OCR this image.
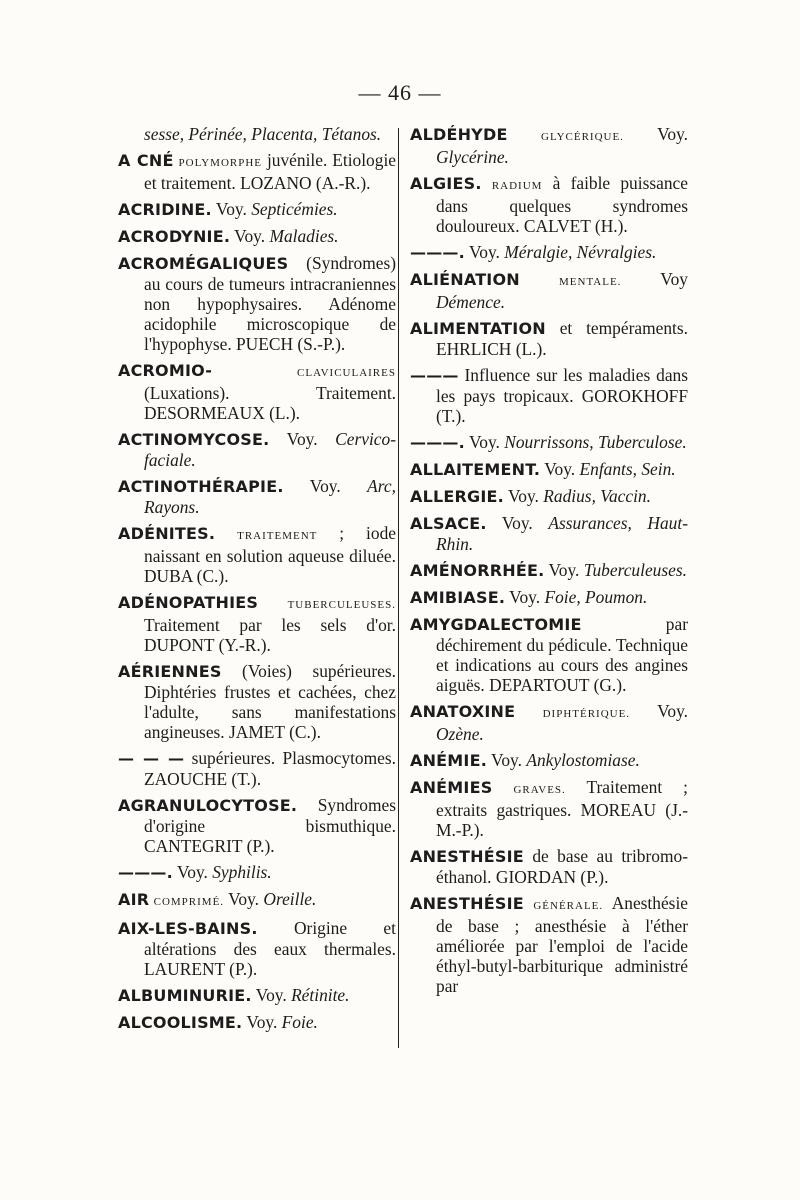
— 46 —

sesse, Périnée, Placenta, Tétanos.

A CNÉ POLYMORPHE juvénile. Etiologie et traitement. LOZANO (A.-R.).

ACRIDINE. Voy. Septicémies.

ACRODYNIE. Voy. Maladies.

ACROMÉGALIQUES (Syndromes) au cours de tumeurs intracraniennes non hypophysaires. Adénome acidophile microscopique de l'hypophyse. PUECH (S.-P.).

ACROMIO-	CLAVICULAIRES (Luxations). Traitement. DESORMEAUX (L.).

ACTINOMYCOSE. Voy. Cervico-faciale.

ACTINOTHÉRAPIE. Voy. Arc, Rayons.

ADÉNITES. TRAITEMENT ; iode naissant en solution aqueuse diluée. DUBA (C.).

ADÉNOPATHIES	TUBERCULEUSES. Traitement par les sels d'or. DUPONT (Y.-R.).

AÉRIENNES (Voies) supérieures. Diphtéries frustes et cachées, chez l'adulte, sans manifestations angineuses. JAMET (C.).

— — — supérieures. Plasmocytomes. ZAOUCHE (T.).

AGRANULOCYTOSE. Syndromes d'origine bismuthique. CANTEGRIT (P.).

———. Voy. Syphilis.

AIR COMPRIMÉ. Voy. Oreille.

AIX-LES-BAINS. Origine et altérations des eaux thermales. LAURENT (P.).

ALBUMINURIE. Voy. Rétinite.

ALCOOLISME. Voy. Foie.

ALDÉHYDE	GLYCÉRIQUE. Voy. Glycérine.

ALGIES. RADIUM à faible puissance dans quelques syndromes douloureux. CALVET (H.).

———. Voy. Méralgie, Névralgies.

ALIÉNATION	MENTALE. Voy Démence.

ALIMENTATION et tempéraments. EHRLICH (L.).

——— Influence sur les maladies dans les pays tropicaux. GOROKHOFF (T.).

———. Voy. Nourrissons, Tuberculose.

ALLAITEMENT. Voy. Enfants, Sein.

ALLERGIE. Voy. Radius, Vaccin.

ALSACE. Voy. Assurances, Haut-Rhin.

AMÉNORRHÉE. Voy. Tuberculeuses.

AMIBIASE. Voy. Foie, Poumon.

AMYGDALECTOMIE	par déchirement du pédicule. Technique et indications au cours des angines aiguës. DEPARTOUT (G.).

ANATOXINE DIPHTÉRIQUE. Voy. Ozène.

ANÉMIE. Voy. Ankylostomiase.

ANÉMIES GRAVES. Traitement ; extraits gastriques. MOREAU (J.-M.-P.).

ANESTHÉSIE de base au tribromo-éthanol. GIORDAN (P.).

ANESTHÉSIE GÉNÉRALE. Anesthésie de base ; anesthésie à l'éther améliorée par l'emploi de l'acide éthyl-butyl-barbiturique administré par
